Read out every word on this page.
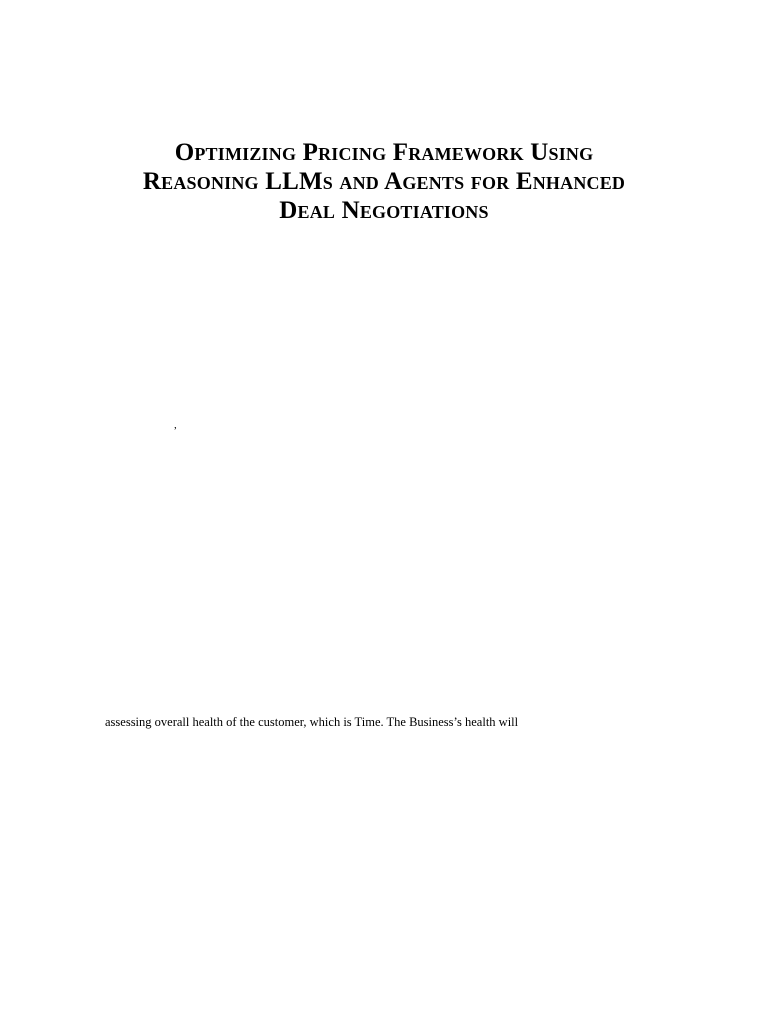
Optimizing Pricing Framework Using
Reasoning LLMs and Agents for Enhanced
Deal Negotiations
,

assessing overall health of the customer, which is Time. The Business’s health will
